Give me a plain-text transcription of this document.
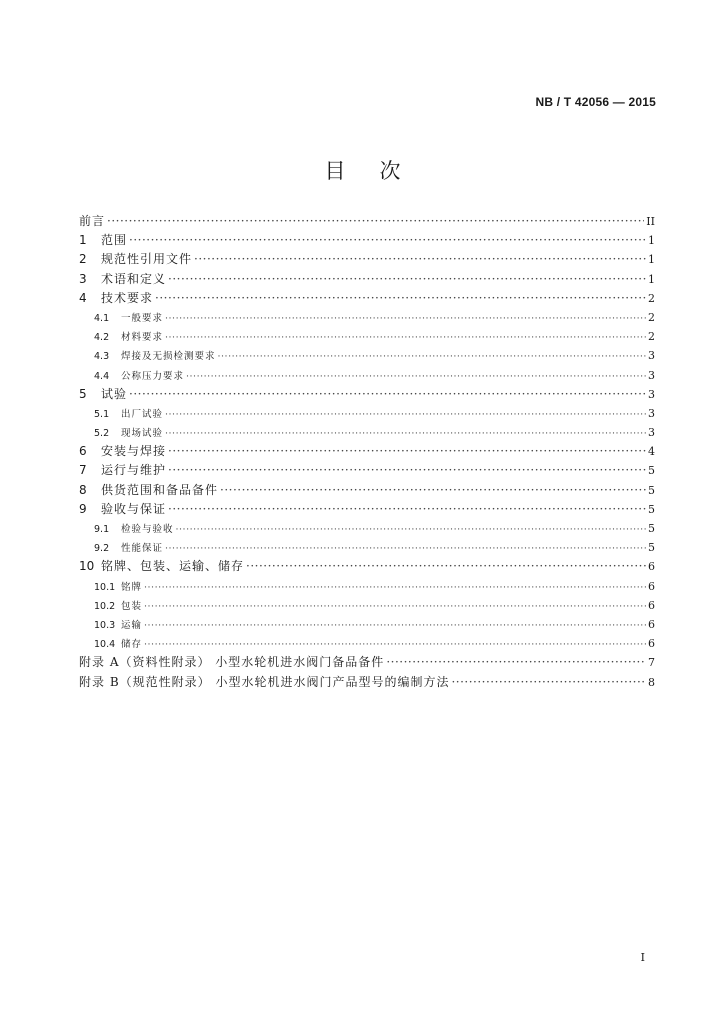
NB / T 42056 — 2015
目次
前言 ·····	II
1	范围 ·····	1
2	规范性引用文件 ·····	1
3	术语和定义 ·····	1
4	技术要求 ·····	2
4.1	一般要求 ·····	2
4.2	材料要求 ·····	2
4.3	焊接及无损检测要求 ·····	3
4.4	公称压力要求 ·····	3
5	试验 ·····	3
5.1	出厂试验 ·····	3
5.2	现场试验 ·····	3
6	安装与焊接 ·····	4
7	运行与维护 ·····	5
8	供货范围和备品备件 ·····	5
9	验收与保证 ·····	5
9.1	检验与验收 ·····	5
9.2	性能保证 ·····	5
10 铭牌、包装、运输、储存 ·····	6
10.1 铭牌 ·····	6
10.2 包装 ·····	6
10.3 运输 ·····	6
10.4 储存 ·····	6
附录 A（资料性附录） 小型水轮机进水阀门备品备件 ·····	7
附录 B（规范性附录） 小型水轮机进水阀门产品型号的编制方法 ·····	8
I
